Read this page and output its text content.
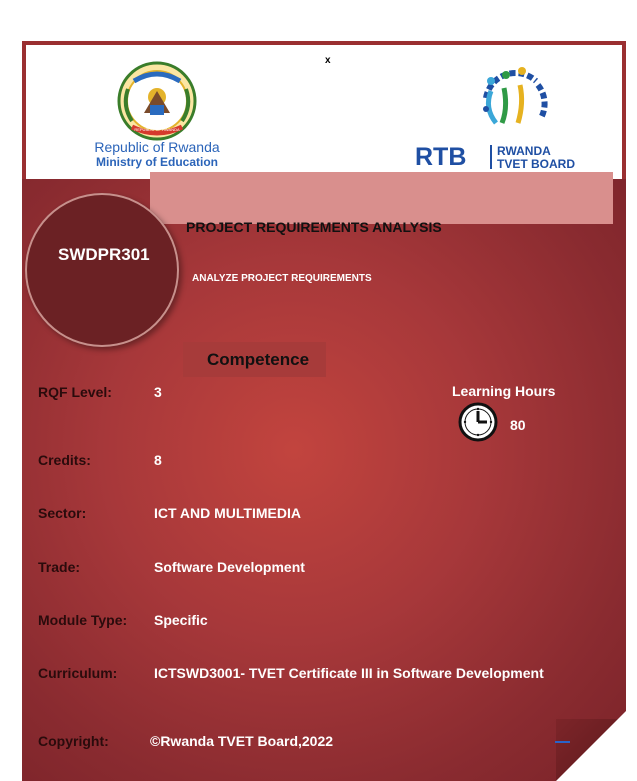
x
REPUBLIC OF RWANDA
Republic of Rwanda
Ministry of Education	RTB	RWANDA
TVET BOARD
SWDPR301
PROJECT REQUIREMENTS ANALYSIS
ANALYZE PROJECT REQUIREMENTS
Competence
RQF Level:	3	Learning Hours
80
Credits:	8
Sector:	ICT AND MULTIMEDIA
Trade:	Software Development
Module Type: Specific
Curriculum:	ICTSWD3001- TVET Certificate III in Software Development
Copyright:	©Rwanda TVET Board,2022
